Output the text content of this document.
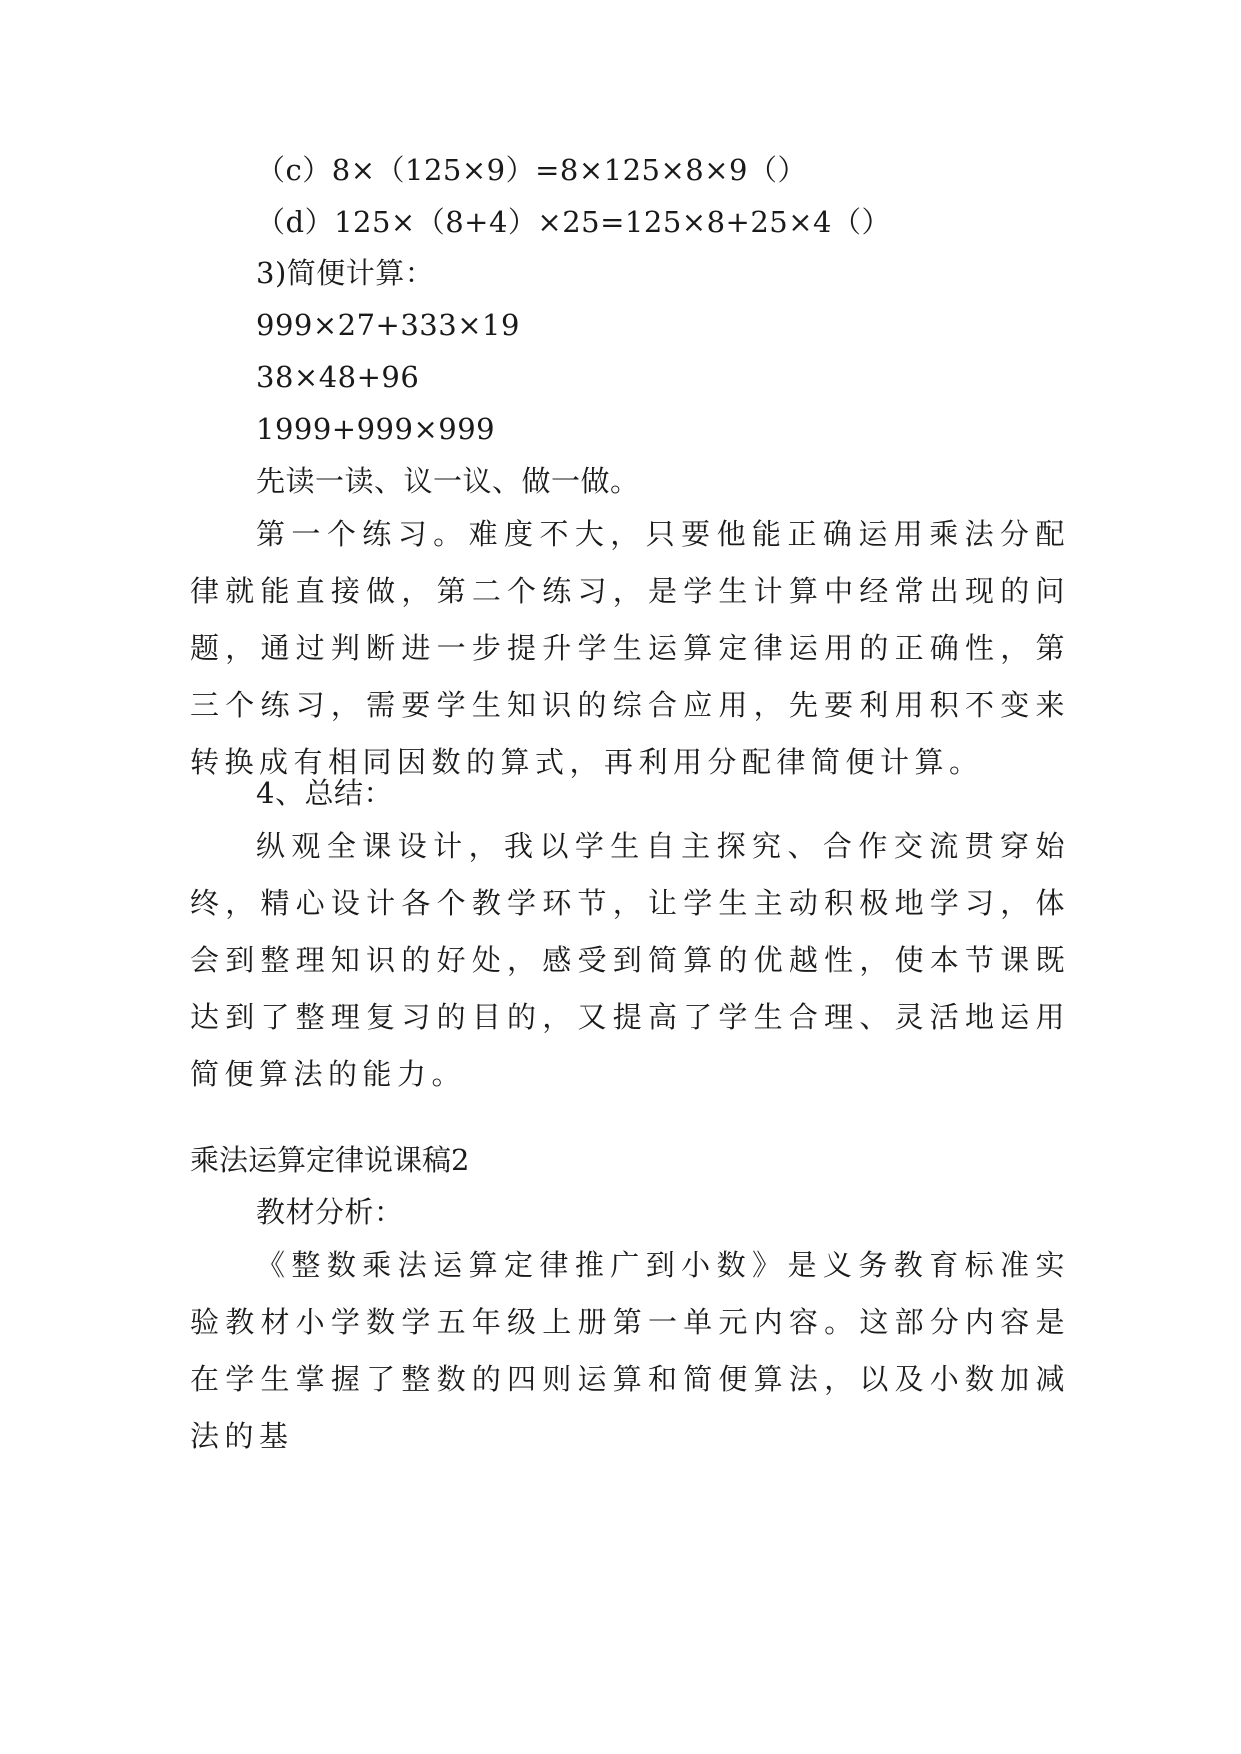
（c）8×（125×9）=8×125×8×9（）
（d）125×（8+4）×25=125×8+25×4（）
3)简便计算：
999×27+333×19
38×48+96
1999+999×999
先读一读、议一议、做一做。
第一个练习。难度不大，只要他能正确运用乘法分配律就能直接做，第二个练习，是学生计算中经常出现的问题，通过判断进一步提升学生运算定律运用的正确性，第三个练习，需要学生知识的综合应用，先要利用积不变来转换成有相同因数的算式，再利用分配律简便计算。
4、总结：
纵观全课设计，我以学生自主探究、合作交流贯穿始终，精心设计各个教学环节，让学生主动积极地学习，体会到整理知识的好处，感受到简算的优越性，使本节课既达到了整理复习的目的，又提高了学生合理、灵活地运用简便算法的能力。
乘法运算定律说课稿2
教材分析：
《整数乘法运算定律推广到小数》是义务教育标准实验教材小学数学五年级上册第一单元内容。这部分内容是在学生掌握了整数的四则运算和简便算法，以及小数加减法的基
